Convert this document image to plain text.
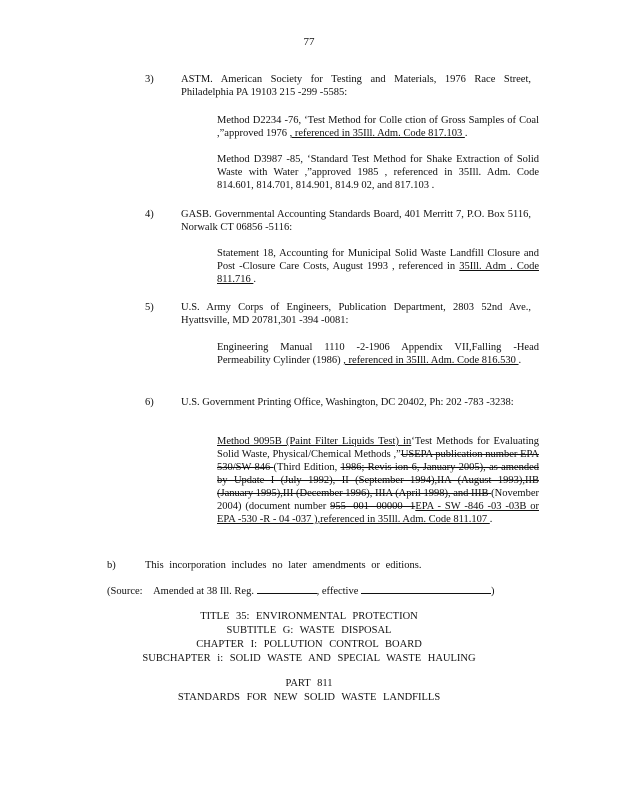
77
3)	ASTM. American Society for Testing and Materials, 1976 Race Street, Philadelphia PA 19103 215 -299 -5585:
Method D2234 -76, ‘Test Method for Colle ction of Gross Samples of Coal ,”approved 1976 , referenced in 35Ill. Adm. Code 817.103 .
Method D3987 -85, ‘Standard Test Method for Shake Extraction of Solid Waste with Water ,”approved 1985 , referenced in 35Ill. Adm. Code 814.601, 814.701, 814.901, 814.9 02, and 817.103 .
4)	GASB. Governmental Accounting Standards Board, 401 Merritt 7, P.O. Box 5116, Norwalk CT 06856 -5116:
Statement 18, Accounting for Municipal Solid Waste Landfill Closure and Post -Closure Care Costs, August 1993 , referenced in 35Ill. Adm . Code 811.716 .
5)	U.S. Army Corps of Engineers, Publication Department, 2803 52nd Ave., Hyattsville, MD 20781,301 -394 -0081:
Engineering Manual 1110 -2-1906 Appendix VII,Falling -Head Permeability Cylinder (1986) , referenced in 35Ill. Adm. Code 816.530 .
6)	U.S. Government Printing Office, Washington, DC 20402, Ph: 202 -783 -3238:
Method 9095B (Paint Filter Liquids Test) in‘Test Methods for Evaluating Solid Waste, Physical/Chemical Methods ,”USEPA publication number EPA 530/SW 846 (Third Edition, 1986; Revis ion 6, January 2005), as amended by Update I (July 1992), II (September 1994),IIA (August 1993),IIB (January 1995),III (December 1996), IIIA (April 1998), and IIIB (November 2004) (document number 955 -001 -00000 -1EPA - SW -846 -03 -03B or EPA -530 -R - 04 -037 ),referenced in 35Ill. Adm. Code 811.107 .
b)	This incorporation includes no later amendments or editions.
(Source: Amended at 38 Ill. Reg.	, effective	)
TITLE 35: ENVIRONMENTAL PROTECTION
SUBTITLE G: WASTE DISPOSAL
CHAPTER I: POLLUTION CONTROL BOARD
SUBCHAPTER i: SOLID WASTE AND SPECIAL WASTE HAULING
PART 811
STANDARDS FOR NEW SOLID WASTE LANDFILLS
